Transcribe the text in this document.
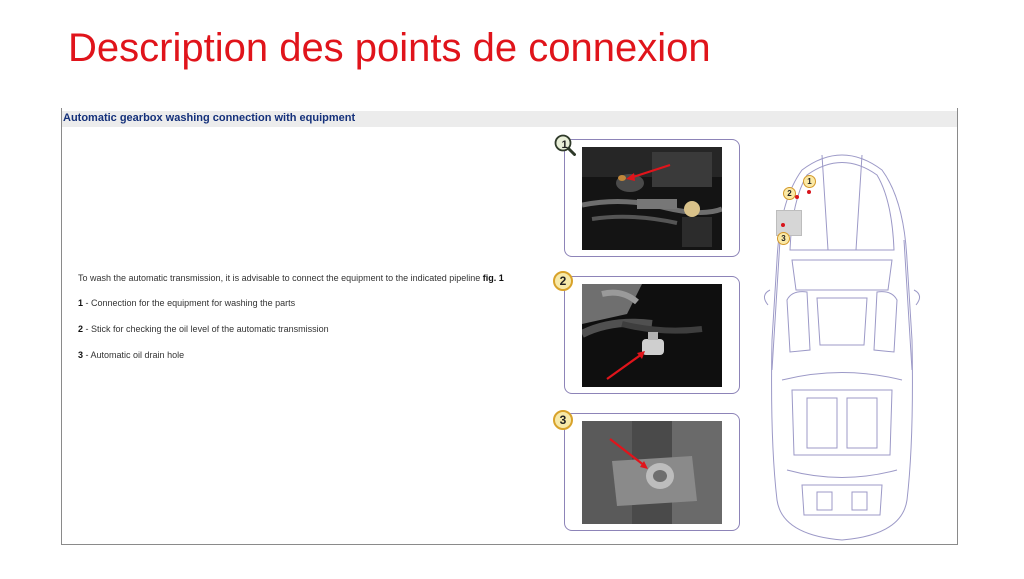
Description des points de connexion
Automatic gearbox washing connection with equipment

To wash the automatic transmission, it is advisable to connect the equipment to the indicated pipeline fig. 1

1 - Connection for the equipment for washing the parts

2 - Stick for checking the oil level of the automatic transmission

3 - Automatic oil drain hole

1
2
3
1
2
3
